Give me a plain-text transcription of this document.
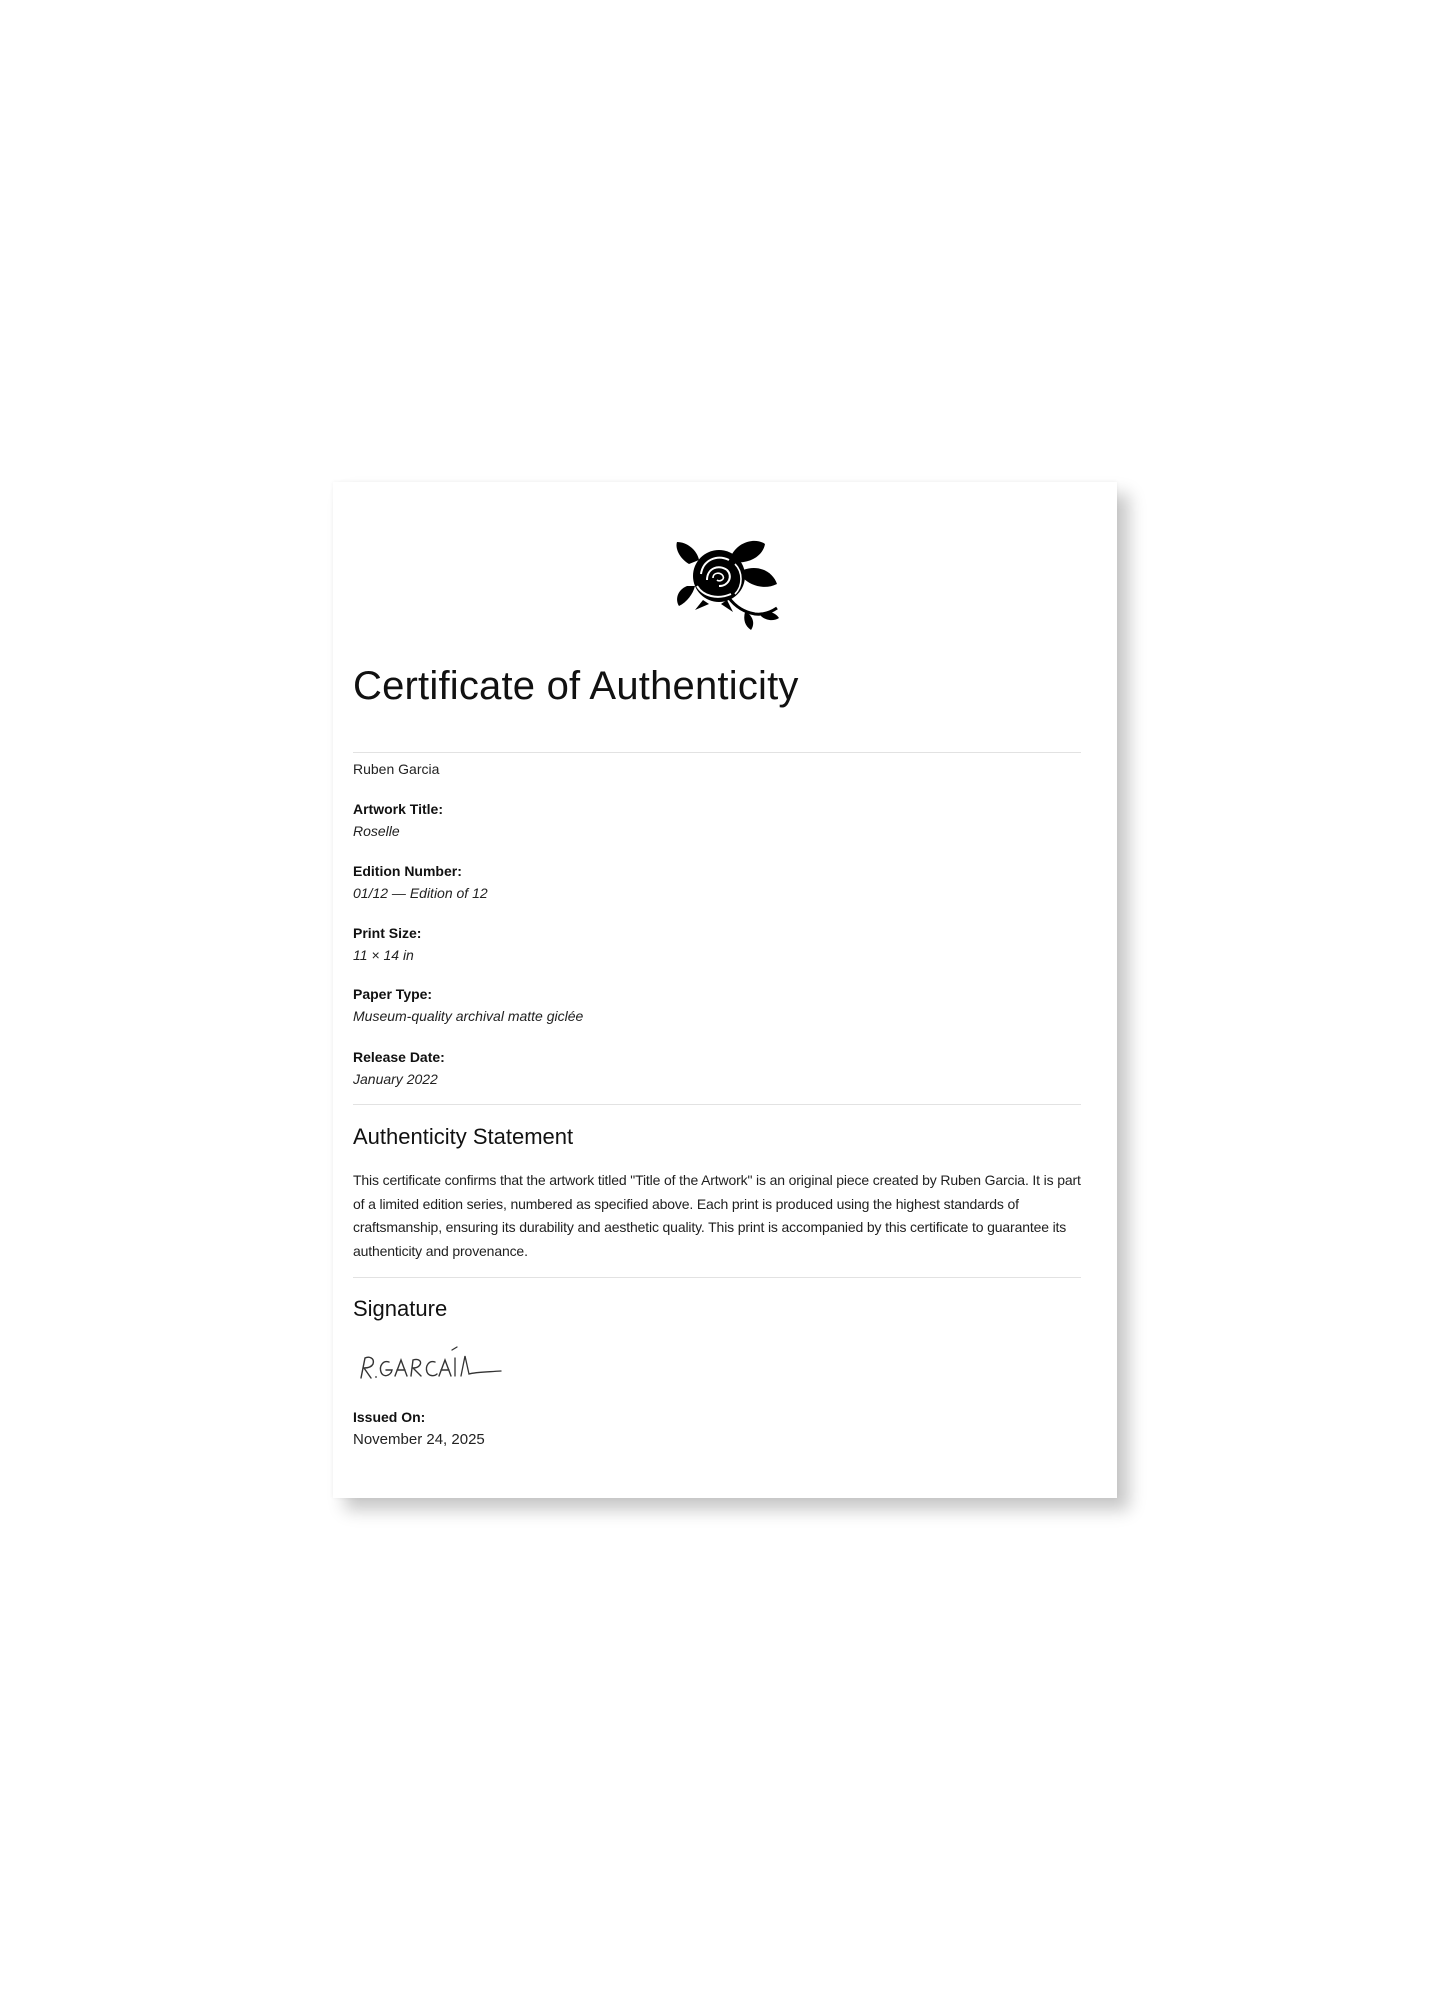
Certificate of Authenticity
Ruben Garcia
Artwork Title:
Roselle
Edition Number:
01/12 — Edition of 12
Print Size:
11 × 14 in
Paper Type:
Museum-quality archival matte giclée
Release Date:
January 2022
Authenticity Statement

This certificate confirms that the artwork titled "Title of the Artwork" is an original piece created by Ruben Garcia. It is part of a limited edition series, numbered as specified above. Each print is produced using the highest standards of craftsmanship, ensuring its durability and aesthetic quality. This print is accompanied by this certificate to guarantee its authenticity and provenance.

Signature
Issued On:
November 24, 2025
